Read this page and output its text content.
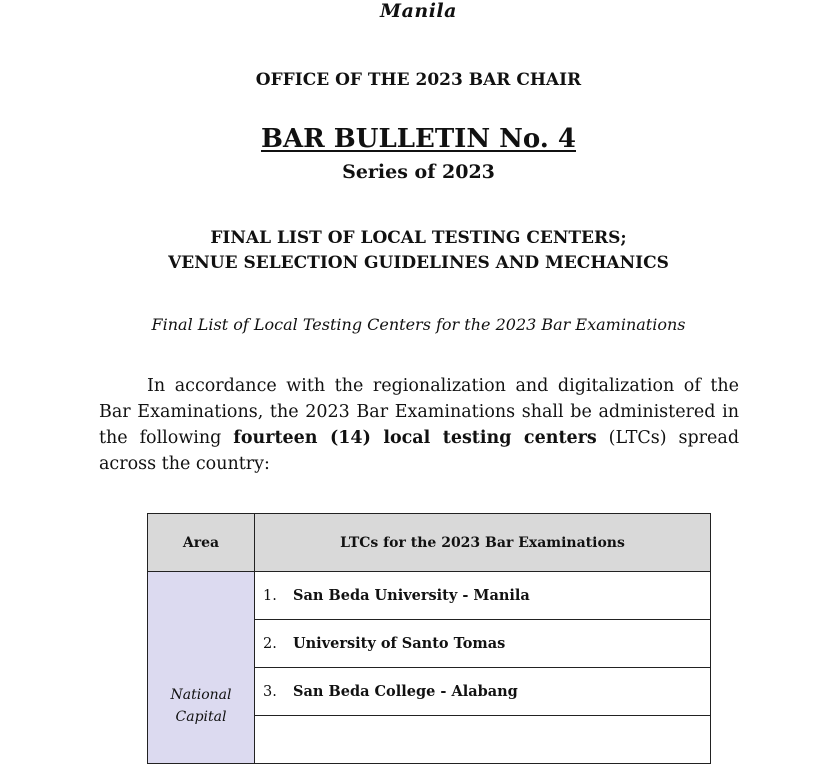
Manila
OFFICE OF THE 2023 BAR CHAIR
BAR BULLETIN No. 4
Series of 2023
FINAL LIST OF LOCAL TESTING CENTERS;
VENUE SELECTION GUIDELINES AND MECHANICS
Final List of Local Testing Centers for the 2023 Bar Examinations
In accordance with the regionalization and digitalization of the Bar Examinations, the 2023 Bar Examinations shall be administered in the following fourteen (14) local testing centers (LTCs) spread across the country:
Area	LTCs for the 2023 Bar Examinations

National Capital	1. San Beda University - Manila
	2. University of Santo Tomas
	3. San Beda College - Alabang
